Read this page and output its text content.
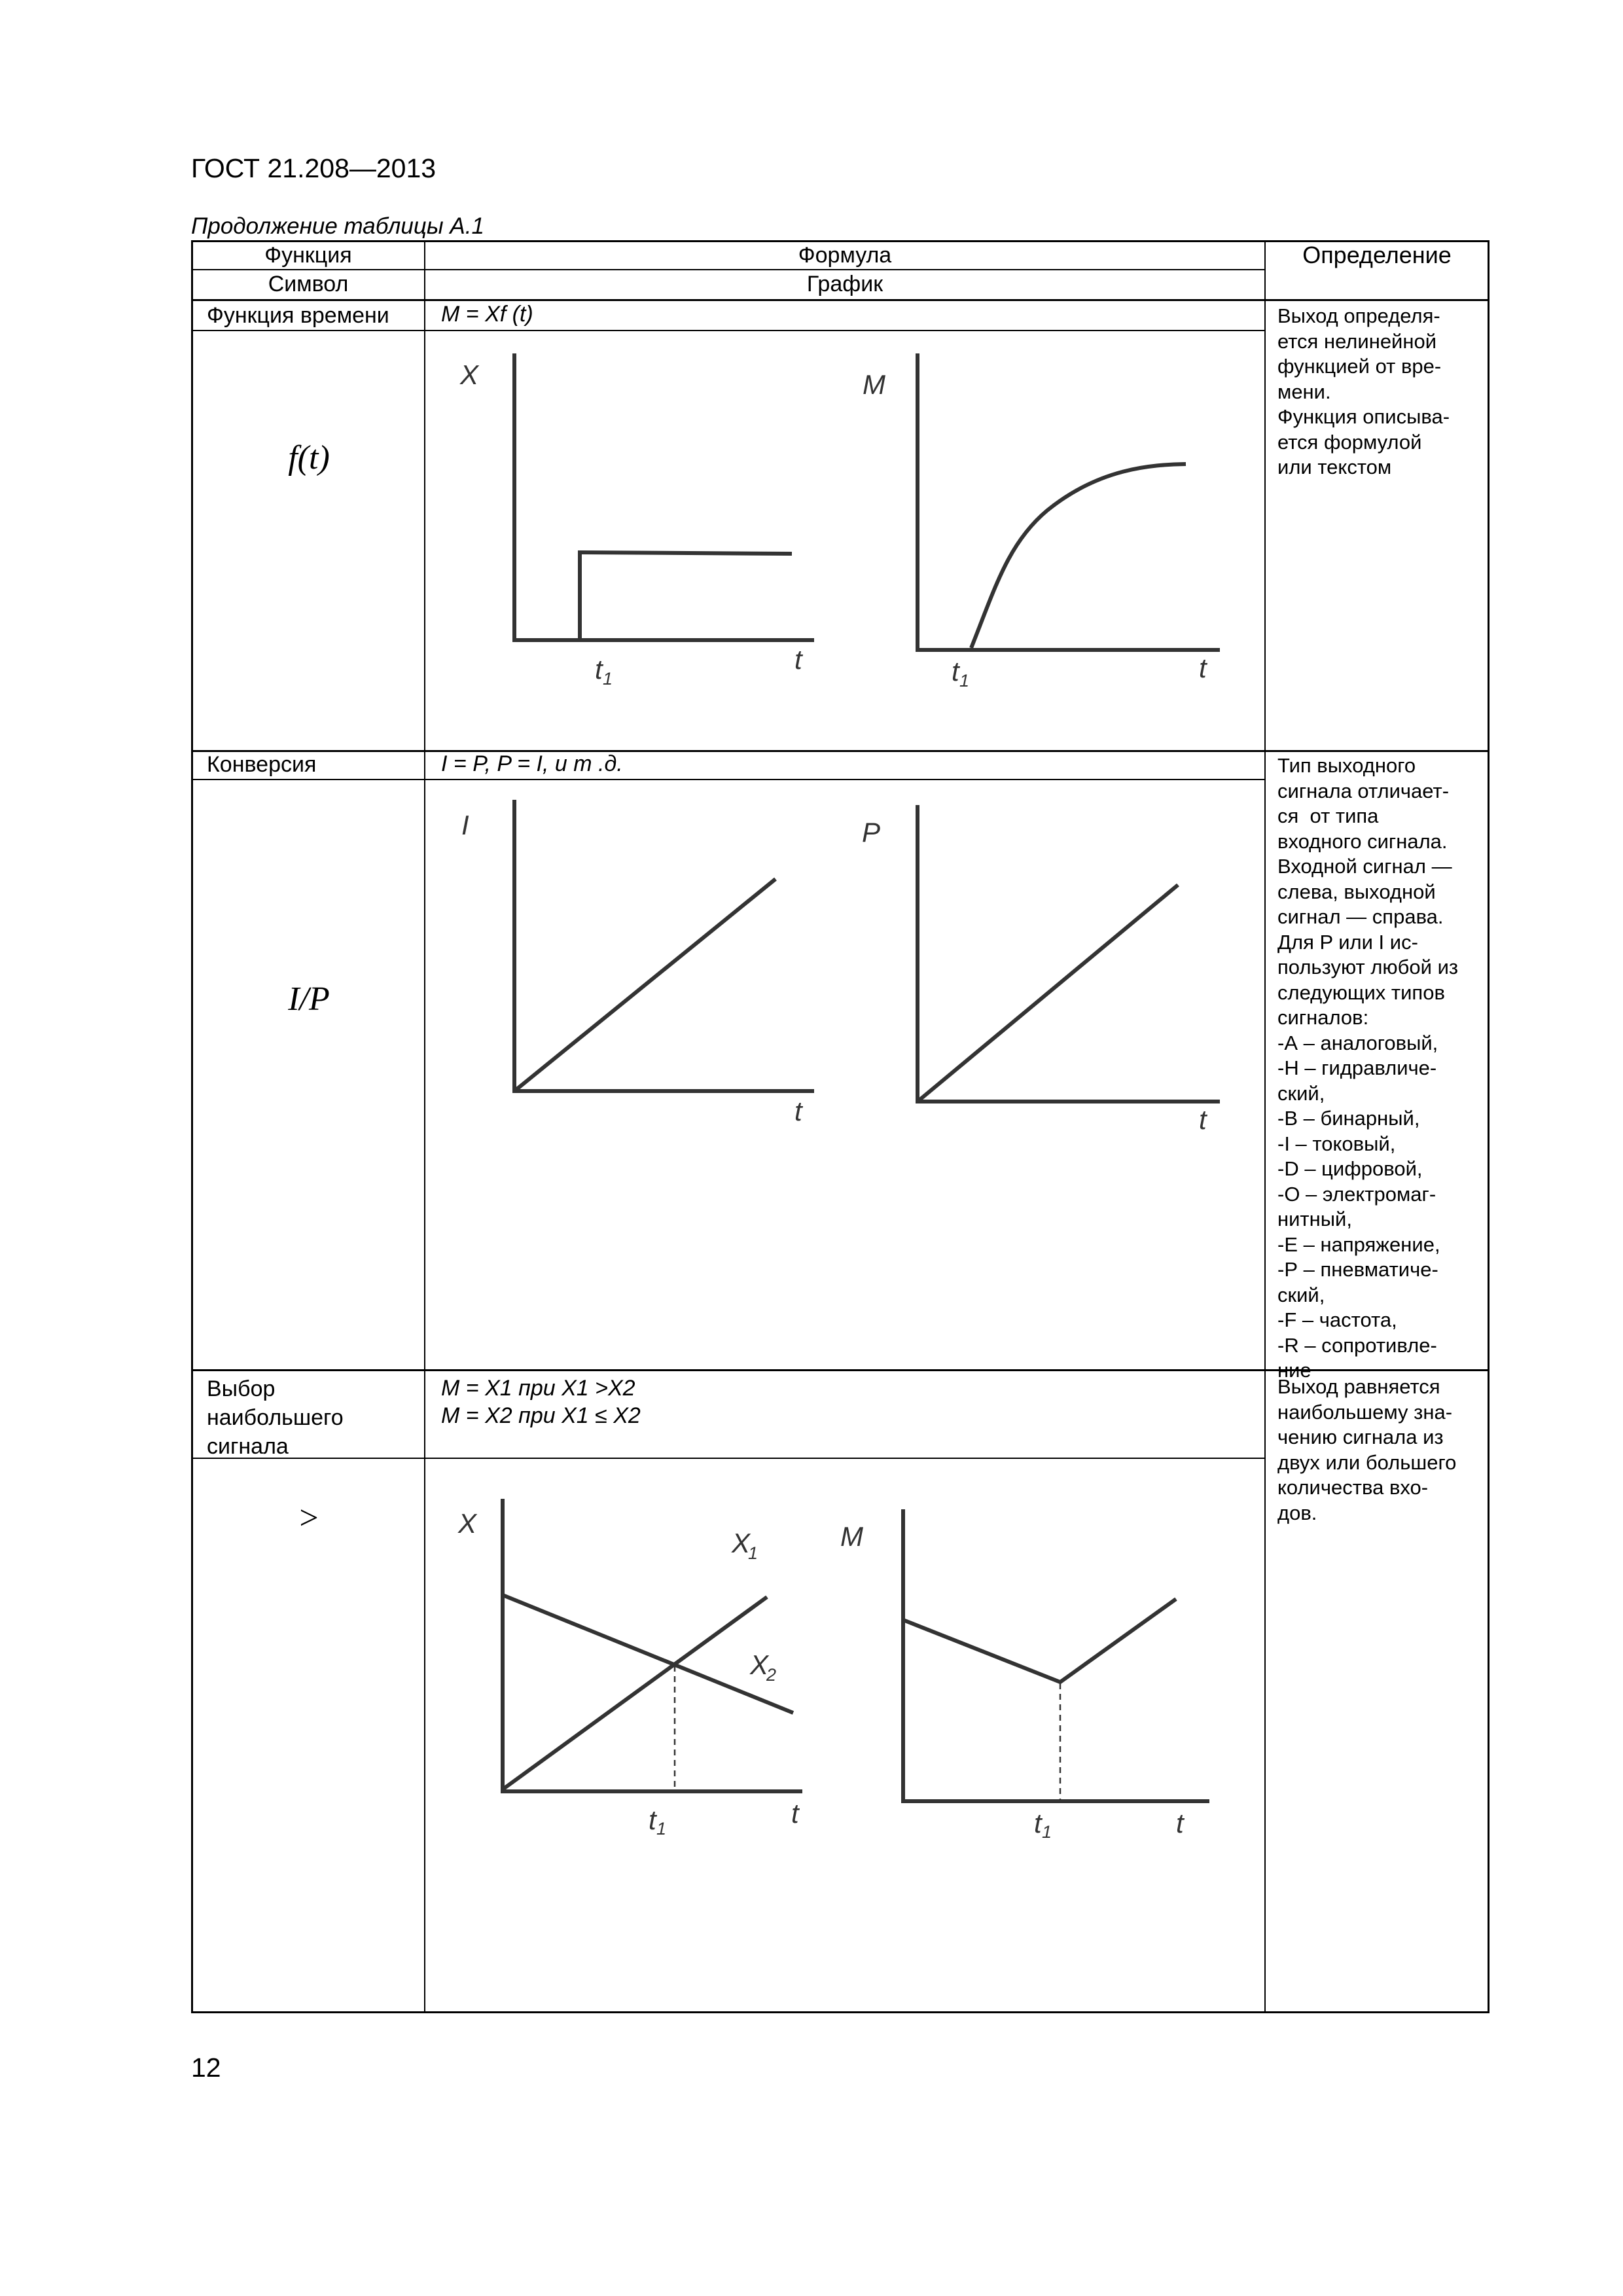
ГОСТ 21.208—2013
Продолжение таблицы А.1
Функция
Символ
Формула
График
Определение
Функция времени M = Xf (t)
f(t)
Выход определя-
ется нелинейной
функцией от вре-
мени.
Функция описыва-
ется формулой
или текстом
Конверсия	I = P, P = I, и т .д.
I/P
Тип выходного
сигнала отличает-
ся  от типа
входного сигнала.
Входной сигнал —
слева, выходной
сигнал — справа.
Для P или I ис-
пользуют любой из
следующих типов
сигналов:
-А – аналоговый,
-Н – гидравличе-
ский,
-В – бинарный,
-I – токовый,
-D – цифровой,
-О – электромаг-
нитный,
-E – напряжение,
-Р – пневматиче-
ский,
-F – частота,
-R – сопротивле-
ние
Выбор
наибольшего
сигнала
M = X1 при X1 >X2
M = X2 при X1 ≤ X2
>
Выход равняется
наибольшему зна-
чению сигнала из
двух или большего
количества вхо-
дов.
X
t
t 1
M
t
t 1
I
t
P
t
X
X
1
X
2
t
t 1
M
t
t 1
12
